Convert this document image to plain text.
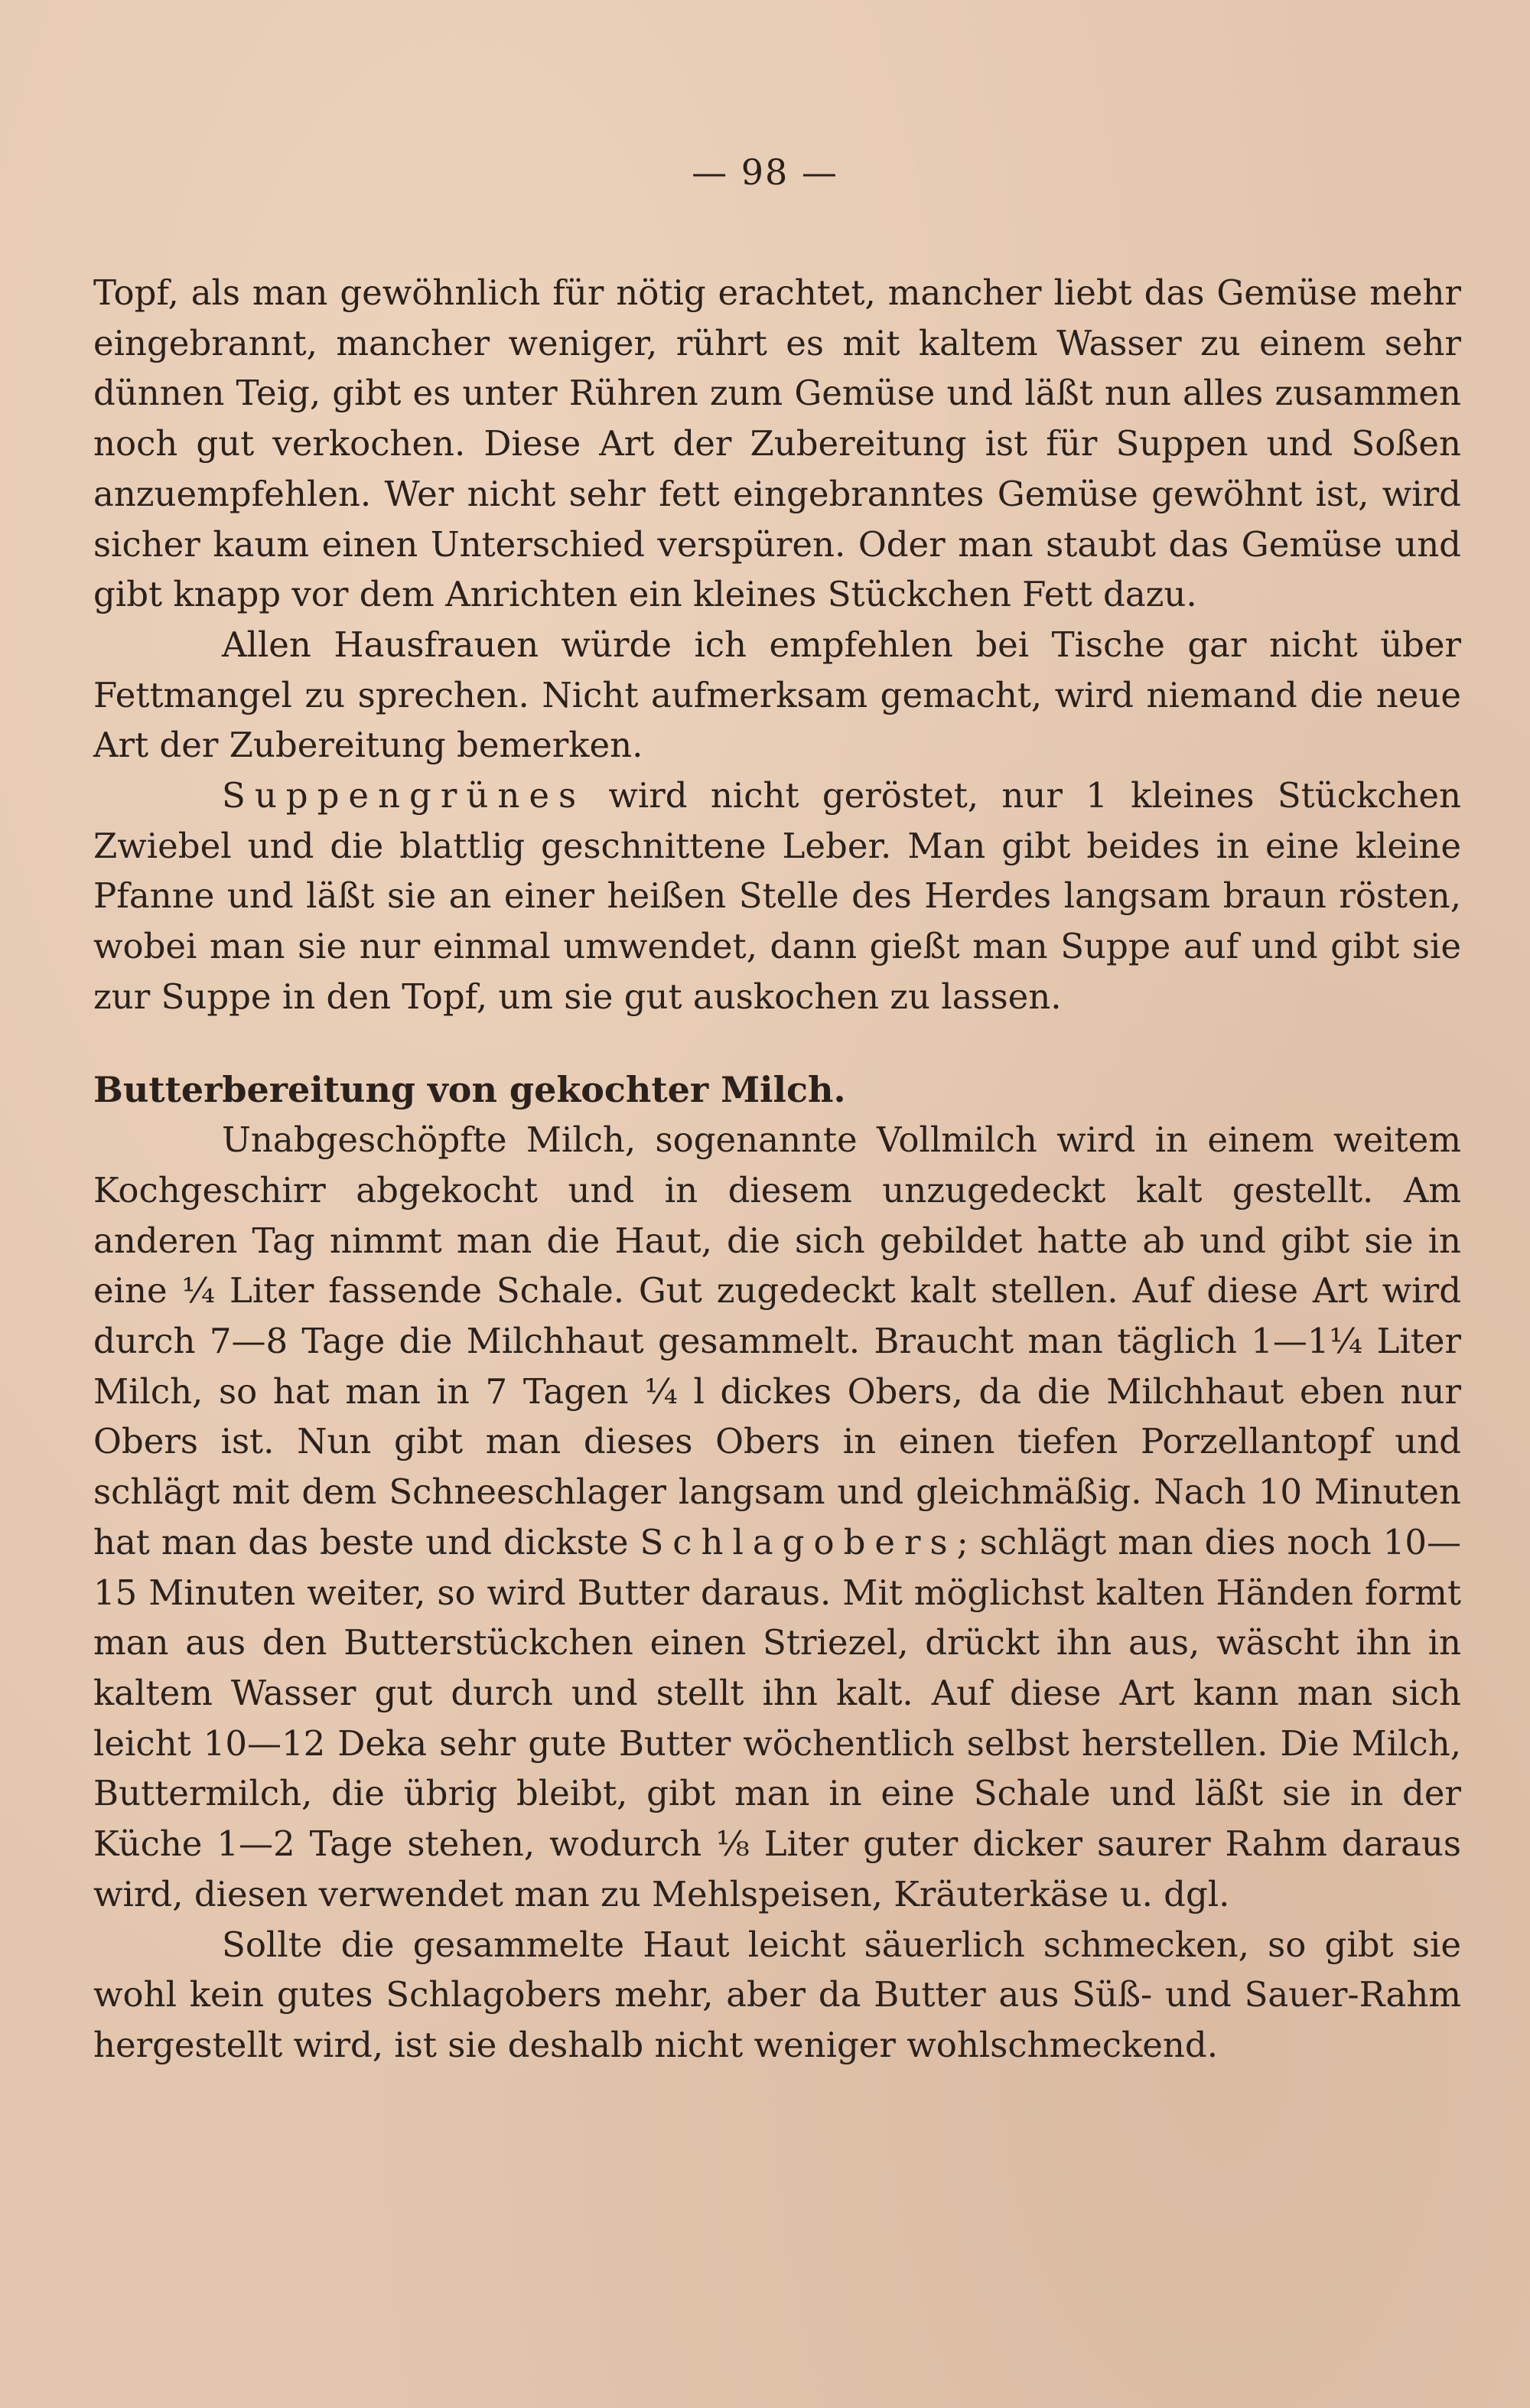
— 98 —

Topf, als man gewöhnlich für nötig erachtet, mancher liebt das Gemüse mehr eingebrannt, mancher weniger, rührt es mit kaltem Wasser zu einem sehr dünnen Teig, gibt es unter Rühren zum Gemüse und läßt nun alles zusammen noch gut verkochen. Diese Art der Zubereitung ist für Suppen und Soßen anzuempfehlen. Wer nicht sehr fett eingebranntes Gemüse gewöhnt ist, wird sicher kaum einen Unterschied verspüren. Oder man staubt das Gemüse und gibt knapp vor dem Anrichten ein kleines Stückchen Fett dazu.

Allen Hausfrauen würde ich empfehlen bei Tische gar nicht über Fettmangel zu sprechen. Nicht aufmerksam gemacht, wird niemand die neue Art der Zubereitung bemerken.

Suppengrünes wird nicht geröstet, nur 1 kleines Stückchen Zwiebel und die blattlig geschnittene Leber. Man gibt beides in eine kleine Pfanne und läßt sie an einer heißen Stelle des Herdes langsam braun rösten, wobei man sie nur einmal umwendet, dann gießt man Suppe auf und gibt sie zur Suppe in den Topf, um sie gut auskochen zu lassen.

Butterbereitung von gekochter Milch.

Unabgeschöpfte Milch, sogenannte Vollmilch wird in einem weitem Kochgeschirr abgekocht und in diesem unzugedeckt kalt gestellt. Am anderen Tag nimmt man die Haut, die sich gebildet hatte ab und gibt sie in eine ¼ Liter fassende Schale. Gut zugedeckt kalt stellen. Auf diese Art wird durch 7—8 Tage die Milchhaut gesammelt. Braucht man täglich 1—1¼ Liter Milch, so hat man in 7 Tagen ¼ l dickes Obers, da die Milchhaut eben nur Obers ist. Nun gibt man dieses Obers in einen tiefen Porzellantopf und schlägt mit dem Schneeschlager langsam und gleichmäßig. Nach 10 Minuten hat man das beste und dickste Schlagobers; schlägt man dies noch 10—15 Minuten weiter, so wird Butter daraus. Mit möglichst kalten Händen formt man aus den Butterstückchen einen Striezel, drückt ihn aus, wäscht ihn in kaltem Wasser gut durch und stellt ihn kalt. Auf diese Art kann man sich leicht 10—12 Deka sehr gute Butter wöchentlich selbst herstellen. Die Milch, Buttermilch, die übrig bleibt, gibt man in eine Schale und läßt sie in der Küche 1—2 Tage stehen, wodurch ⅛ Liter guter dicker saurer Rahm daraus wird, diesen verwendet man zu Mehlspeisen, Kräuterkäse u. dgl.

Sollte die gesammelte Haut leicht säuerlich schmecken, so gibt sie wohl kein gutes Schlagobers mehr, aber da Butter aus Süß- und Sauer-Rahm hergestellt wird, ist sie deshalb nicht weniger wohlschmeckend.
